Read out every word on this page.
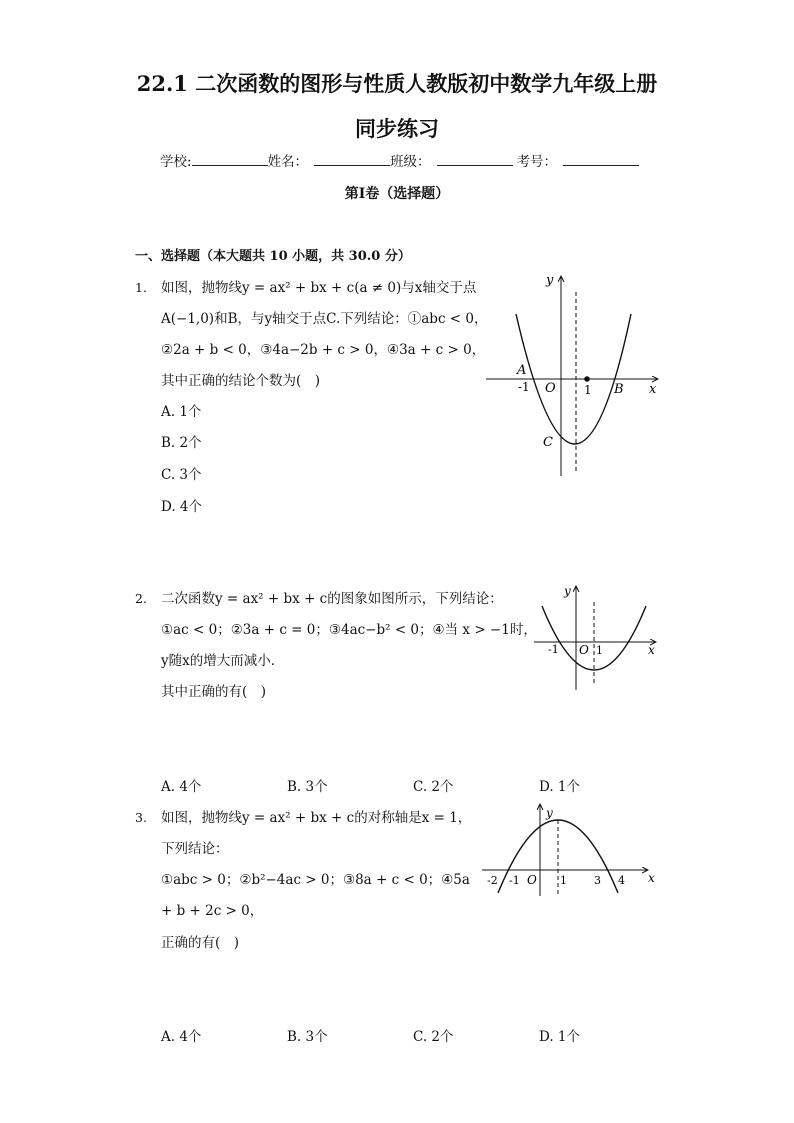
22.1 二次函数的图形与性质人教版初中数学九年级上册
同步练习
学校:	姓名：	班级：	考号：
第Ⅰ卷（选择题）
一、选择题（本大题共 10 小题，共 30.0 分）
1. 如图，抛物线y = ax² + bx + c(a ≠ 0)与x轴交于点
A(−1,0)和B，与y轴交于点C.下列结论：①abc < 0，
②2a + b < 0，③4a−2b + c > 0，④3a + c > 0，
其中正确的结论个数为(　)
A. 1个
B. 2个
C. 3个
D. 4个
y
x
A
-1 O 1 B
C
2. 二次函数y = ax² + bx + c的图象如图所示，下列结论：
①ac < 0；②3a + c = 0；③4ac−b² < 0；④当 x > −1时，
y随x的增大而减小．
其中正确的有(　)
y
x
-1 O 1
A. 4个	B. 3个	C. 2个	D. 1个
3. 如图，抛物线y = ax² + bx + c的对称轴是x = 1，
下列结论：
①abc > 0；②b²−4ac > 0；③8a + c < 0；④5a
+ b + 2c > 0，
正确的有(　)
y
x
-2 -1 O 1 3 4
A. 4个	B. 3个	C. 2个	D. 1个
